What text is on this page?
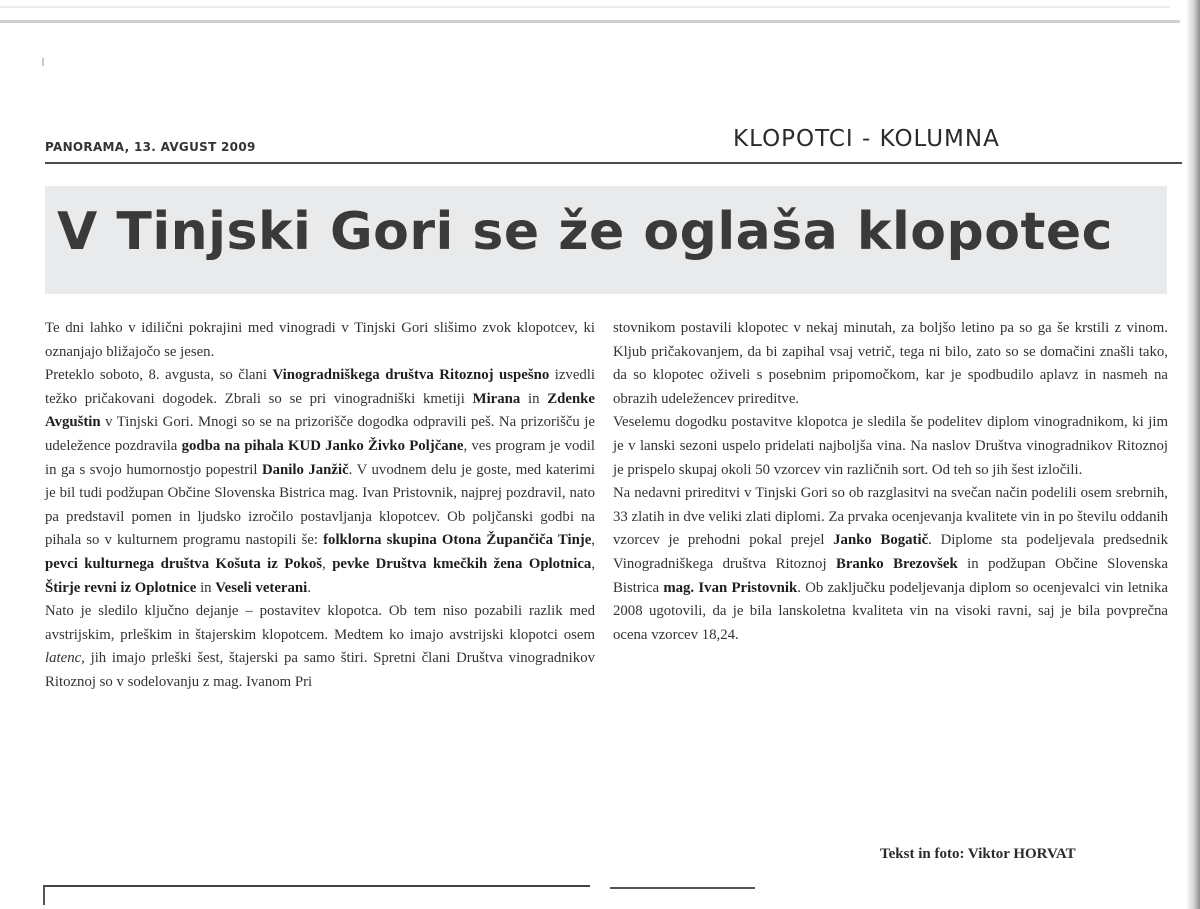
PANORAMA, 13. AVGUST 2009	KLOPOTCI - KOLUMNA
V Tinjski Gori se že oglaša klopotec

Te dni lahko v idilični pokrajini med vinogradi v Tinjski Gori slišimo zvok klopotcev, ki oznanjajo bližajočo se jesen.

Preteklo soboto, 8. avgusta, so člani Vinogradniškega društva Ritoznoj uspešno izvedli težko pričakovani dogodek. Zbrali so se pri vinogradniški kmetiji Mirana in Zdenke Avguštin v Tinjski Gori. Mnogi so se na prizorišče dogodka odpravili peš. Na prizorišču je udeležence pozdravila godba na pihala KUD Janko Živko Poljčane, ves program je vodil in ga s svojo humornostjo popestril Danilo Janžič. V uvodnem delu je goste, med katerimi je bil tudi podžupan Občine Slovenska Bistrica mag. Ivan Pristovnik, najprej pozdravil, nato pa predstavil pomen in ljudsko izročilo postavljanja klopotcev. Ob poljčanski godbi na pihala so v kulturnem programu nastopili še: folklorna skupina Otona Župančiča Tinje, pevci kulturnega društva Košuta iz Pokoš, pevke Društva kmečkih žena Oplotnica, Štirje revni iz Oplotnice in Veseli veterani.

Nato je sledilo ključno dejanje – postavitev klopotca. Ob tem niso pozabili razlik med avstrijskim, prleškim in štajerskim klopotcem. Medtem ko imajo avstrijski klopotci osem latenc, jih imajo prleški šest, štajerski pa samo štiri. Spretni člani Društva vinogradnikov Ritoznoj so v sodelovanju z mag. Ivanom Pri

stovnikom postavili klopotec v nekaj minutah, za boljšo letino pa so ga še krstili z vinom. Kljub pričakovanjem, da bi zapihal vsaj vetrič, tega ni bilo, zato so se domačini znašli tako, da so klopotec oživeli s posebnim pripomočkom, kar je spodbudilo aplavz in nasmeh na obrazih udeležencev prireditve.

Veselemu dogodku postavitve klopotca je sledila še podelitev diplom vinogradnikom, ki jim je v lanski sezoni uspelo pridelati najboljša vina. Na naslov Društva vinogradnikov Ritoznoj je prispelo skupaj okoli 50 vzorcev vin različnih sort. Od teh so jih šest izločili.

Na nedavni prireditvi v Tinjski Gori so ob razglasitvi na svečan način podelili osem srebrnih, 33 zlatih in dve veliki zlati diplomi. Za prvaka ocenjevanja kvalitete vin in po številu oddanih vzorcev je prehodni pokal prejel Janko Bogatič. Diplome sta podeljevala predsednik Vinogradniškega društva Ritoznoj Branko Brezovšek in podžupan Občine Slovenska Bistrica mag. Ivan Pristovnik. Ob zaključku podeljevanja diplom so ocenjevalci vin letnika 2008 ugotovili, da je bila lanskoletna kvaliteta vin na visoki ravni, saj je bila povprečna ocena vzorcev 18,24.

Tekst in foto: Viktor HORVAT
